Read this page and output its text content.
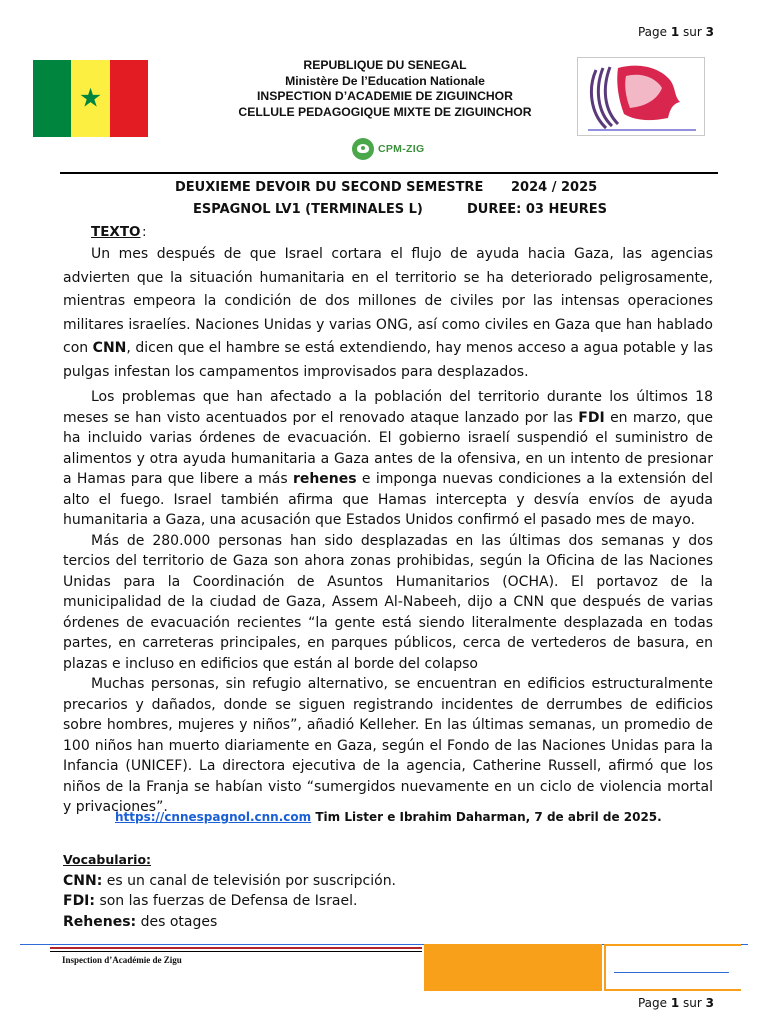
Page 1 sur 3
★
REPUBLIQUE DU SENEGAL
Ministère De l’Education Nationale
INSPECTION D’ACADEMIE DE ZIGUINCHOR
CELLULE PEDAGOGIQUE MIXTE DE ZIGUINCHOR
CPM-ZIG
DEUXIEME DEVOIR DU SECOND SEMESTRE 2024 / 2025
ESPAGNOL LV1 (TERMINALES L)	DUREE: 03 HEURES
TEXTO :

Un mes después de que Israel cortara el flujo de ayuda hacia Gaza, las agencias advierten que la situación humanitaria en el territorio se ha deteriorado peligrosamente, mientras empeora la condición de dos millones de civiles por las intensas operaciones militares israelíes. Naciones Unidas y varias ONG, así como civiles en Gaza que han hablado con CNN, dicen que el hambre se está extendiendo, hay menos acceso a agua potable y las pulgas infestan los campamentos improvisados para desplazados.

Los problemas que han afectado a la población del territorio durante los últimos 18 meses se han visto acentuados por el renovado ataque lanzado por las FDI en marzo, que ha incluido varias órdenes de evacuación. El gobierno israelí suspendió el suministro de alimentos y otra ayuda humanitaria a Gaza antes de la ofensiva, en un intento de presionar a Hamas para que libere a más rehenes e imponga nuevas condiciones a la extensión del alto el fuego. Israel también afirma que Hamas intercepta y desvía envíos de ayuda humanitaria a Gaza, una acusación que Estados Unidos confirmó el pasado mes de mayo.

Más de 280.000 personas han sido desplazadas en las últimas dos semanas y dos tercios del territorio de Gaza son ahora zonas prohibidas, según la Oficina de las Naciones Unidas para la Coordinación de Asuntos Humanitarios (OCHA). El portavoz de la municipalidad de la ciudad de Gaza, Assem Al-Nabeeh, dijo a CNN que después de varias órdenes de evacuación recientes “la gente está siendo literalmente desplazada en todas partes, en carreteras principales, en parques públicos, cerca de vertederos de basura, en plazas e incluso en edificios que están al borde del colapso

Muchas personas, sin refugio alternativo, se encuentran en edificios estructuralmente precarios y dañados, donde se siguen registrando incidentes de derrumbes de edificios sobre hombres, mujeres y niños”, añadió Kelleher. En las últimas semanas, un promedio de 100 niños han muerto diariamente en Gaza, según el Fondo de las Naciones Unidas para la Infancia (UNICEF). La directora ejecutiva de la agencia, Catherine Russell, afirmó que los niños de la Franja se habían visto “sumergidos nuevamente en un ciclo de violencia mortal y privaciones”.

https://cnnespagnol.cnn.com Tim Lister e Ibrahim Daharman, 7 de abril de 2025.
Vocabulario:
CNN: es un canal de televisión por suscripción.
FDI: son las fuerzas de Defensa de Israel.
Rehenes: des otages
Inspection d’Académie de Zigu
Page 1 sur 3
